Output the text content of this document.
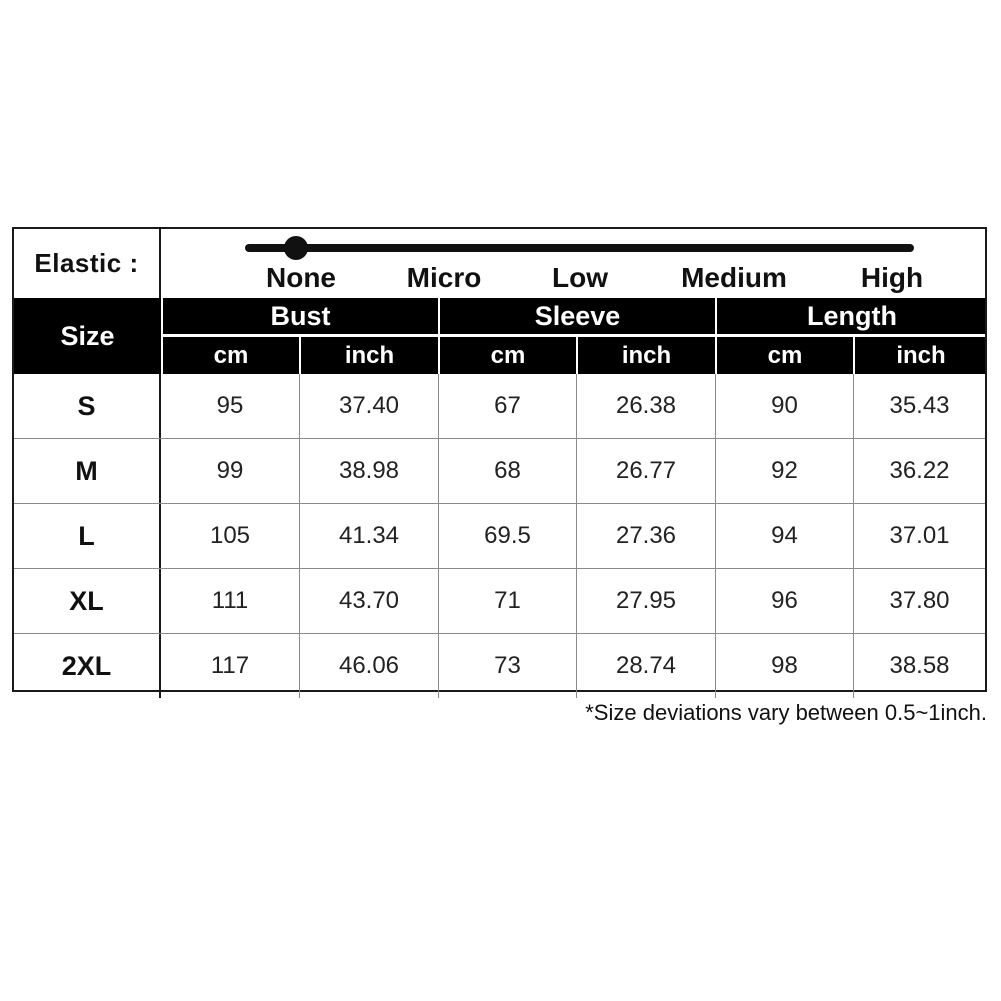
Elastic :	None	Micro	Low	Medium	High
Size
Bust	Sleeve	Length
cm	inch	cm	inch	cm	inch
S	95	37.40	67	26.38	90	35.43
M	99	38.98	68	26.77	92	36.22
L	105	41.34	69.5	27.36	94	37.01
XL	111	43.70	71	27.95	96	37.80
2XL	117	46.06	73	28.74	98	38.58
*Size deviations vary between 0.5~1inch.
